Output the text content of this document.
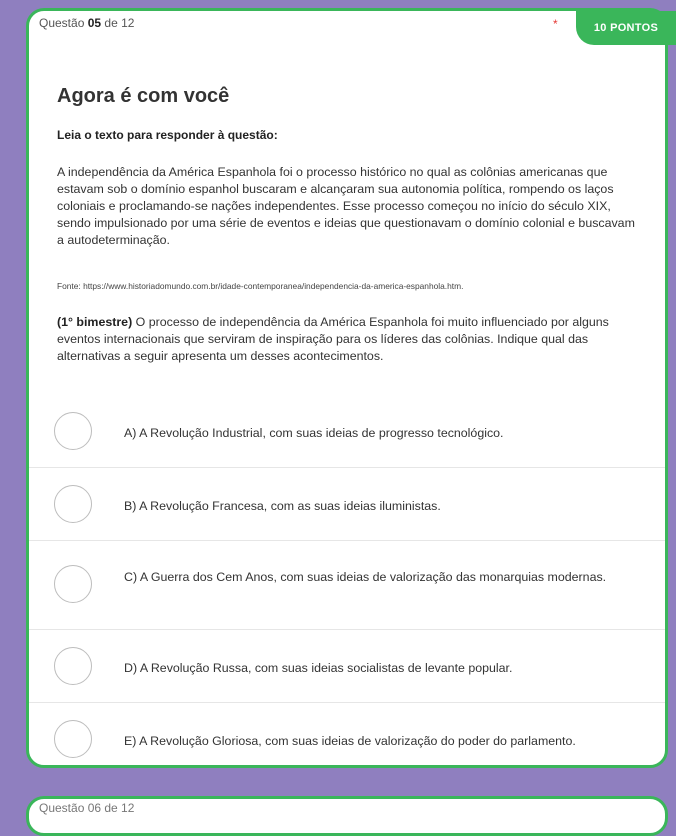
Questão 05 de 12	*	10 PONTOS
Agora é com você

Leia o texto para responder à questão:

A independência da América Espanhola foi o processo histórico no qual as colônias americanas que estavam sob o domínio espanhol buscaram e alcançaram sua autonomia política, rompendo os laços coloniais e proclamando-se nações independentes. Esse processo começou no início do século XIX, sendo impulsionado por uma série de eventos e ideias que questionavam o domínio colonial e buscavam a autodeterminação.

Fonte: https://www.historiadomundo.com.br/idade-contemporanea/independencia-da-america-espanhola.htm.

(1° bimestre) O processo de independência da América Espanhola foi muito influenciado por alguns eventos internacionais que serviram de inspiração para os líderes das colônias. Indique qual das alternativas a seguir apresenta um desses acontecimentos.

A) A Revolução Industrial, com suas ideias de progresso tecnológico.
B) A Revolução Francesa, com as suas ideias iluministas.
C) A Guerra dos Cem Anos, com suas ideias de valorização das monarquias modernas.
D) A Revolução Russa, com suas ideias socialistas de levante popular.
E) A Revolução Gloriosa, com suas ideias de valorização do poder do parlamento.
Questão 06 de 12
